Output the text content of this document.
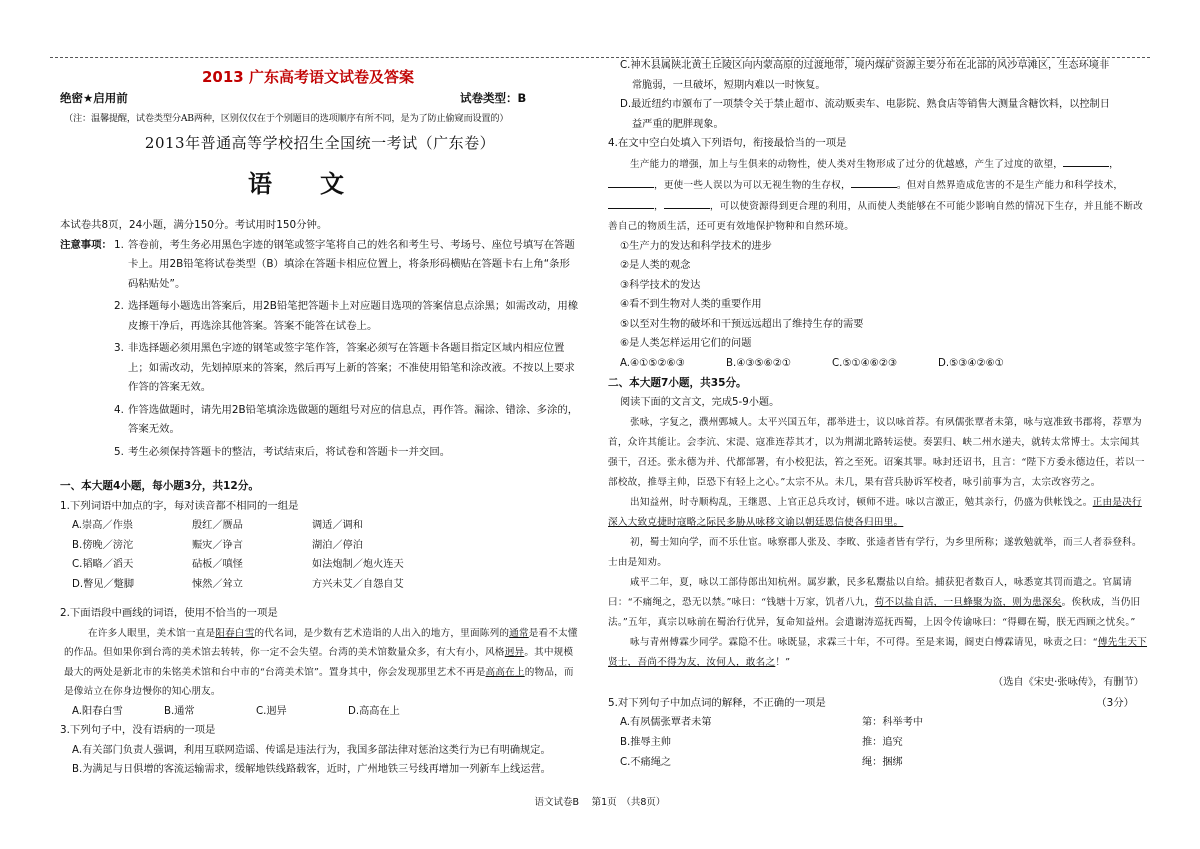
2013 广东高考语文试卷及答案
绝密★启用前	试卷类型：B
（注：温馨提醒，试卷类型分AB两种，区别仅仅在于个别题目的选项顺序有所不同，是为了防止偷窥而设置的）
2013年普通高等学校招生全国统一考试（广东卷）
语文

本试卷共8页，24小题，满分150分。考试用时150分钟。

注意事项： 1. 答卷前，考生务必用黑色字迹的钢笔或签字笔将自己的姓名和考生号、考场号、座位号填写在答题卡上。用2B铅笔将试卷类型（B）填涂在答题卡相应位置上，将条形码横贴在答题卡右上角“条形码粘贴处”。
2. 选择题每小题选出答案后，用2B铅笔把答题卡上对应题目选项的答案信息点涂黑；如需改动，用橡皮擦干净后，再选涂其他答案。答案不能答在试卷上。
3. 非选择题必须用黑色字迹的钢笔或签字笔作答，答案必须写在答题卡各题目指定区域内相应位置上；如需改动，先划掉原来的答案，然后再写上新的答案；不准使用铅笔和涂改液。不按以上要求作答的答案无效。
4. 作答选做题时，请先用2B铅笔填涂选做题的题组号对应的信息点，再作答。漏涂、错涂、多涂的，答案无效。
5. 考生必须保持答题卡的整洁，考试结束后，将试卷和答题卡一并交回。
一、本大题4小题，每小题3分，共12分。
1.下列词语中加点的字，每对读音都不相同的一组是
A.崇高／作祟	殷红／赝品	调适／调和
B.傍晚／滂沱	赈灾／诤言	湖泊／停泊
C.韬略／滔天	砧板／嗔怪	如法炮制／炮火连天
D.瞥见／蹩脚	悚然／耸立	方兴未艾／自怨自艾
2.下面语段中画线的词语，使用不恰当的一项是
在许多人眼里，美术馆一直是阳春白雪的代名词，是少数有艺术造诣的人出入的地方，里面陈列的通常是看不太懂的作品。但如果你到台湾的美术馆去转转，你一定不会失望。台湾的美术馆数量众多，有大有小，风格迥异。其中规模最大的两处是新北市的朱铭美术馆和台中市的“台湾美术馆”。置身其中，你会发现那里艺术不再是高高在上的物品，而是像站立在你身边慢你的知心朋友。
A.阳春白雪	B.通常	C.迥异	D.高高在上
3.下列句子中，没有语病的一项是
A.有关部门负责人强调，利用互联网造谣、传谣是违法行为，我国多部法律对惩治这类行为已有明确规定。
B.为满足与日俱增的客流运输需求，缓解地铁线路载客，近时，广州地铁三号线再增加一列新车上线运营。
C.神木县属陕北黄土丘陵区向内蒙高原的过渡地带，境内煤矿资源主要分布在北部的风沙草滩区，生态环境非
常脆弱，一旦破坏，短期内难以一时恢复。
D.最近纽约市颁布了一项禁令关于禁止超市、流动贩卖车、电影院、熟食店等销售大测量含糖饮料，以控制日
益严重的肥胖现象。
4.在文中空白处填入下列语句，衔接最恰当的一项是
生产能力的增强，加上与生俱来的动物性，使人类对生物形成了过分的优越感，产生了过度的欲望，	，，更使一些人误以为可以无视生物的生存权，	。但对自然界造成危害的不是生产能力和科学技术，，	，可以使资源得到更合理的利用，从而使人类能够在不可能少影响自然的情况下生存，并且能不断改善自己的物质生活，还可更有效地保护物种和自然环境。
①生产力的发达和科学技术的进步
②是人类的观念
③科学技术的发达
④看不到生物对人类的重要作用
⑤以至对生物的破坏和干预远远超出了维持生存的需要
⑥是人类怎样运用它们的问题
A.④①⑤②⑥③	B.④③⑤⑥②①	C.⑤①④⑥②③	D.⑤③④②⑥①
二、本大题7小题，共35分。
阅读下面的文言文，完成5-9小题。
张咏，字复之，濮州鄄城人。太平兴国五年，郡举进士，议以咏首荐。有夙儒张覃者未第，咏与寇准致书郡将，荐覃为首，众许其能让。会李沆、宋湜、寇准连荐其才，以为荆湖北路转运使。奏罢归、峡二州水递夫，就转太常博士。太宗闻其强干，召还。张永德为并、代都部署，有小校犯法，笞之至死。诏案其罪。咏封还诏书，且言：“陛下方委永德边任，若以一部校故，推辱主帅，臣恐下有轻上之心。”太宗不从。未几，果有营兵胁诉军校者，咏引前事为言，太宗改容劳之。
出知益州，时寺顺构乱，王继恩、上官正总兵攻讨，顿师不进。咏以言激正，勉其亲行，仍盛为供帐饯之。正由是决行深入大致克捷时寇略之际民多胁从咏移文谕以朝廷恩信使各归田里。
初，蜀士知向学，而不乐仕宦。咏察郡人张及、李畋、张逵者皆有学行，为乡里所称；遂敦勉就举，而三人者忝登科。士由是知劝。
咸平二年，夏，咏以工部侍郎出知杭州。属岁歉，民多私鬻盐以自给。捕获犯者数百人，咏悉宽其罚而遣之。官属请曰：“不痛绳之，恐无以禁。”咏曰：“钱塘十万家，饥者八九，苟不以盐自活，一旦蜂聚为盗，则为患深矣。俟秋成，当仍旧法。”五年，真宗以咏前在蜀治行优异，复命知益州。会遣谢涛巡抚西蜀，上因令传谕咏曰：“得卿在蜀，朕无西顾之忧矣。”
咏与青州傅霖少同学。霖隐不仕。咏既显，求霖三十年，不可得。至是来谒，阍吏白傅霖请见，咏责之曰：“傅先生天下贤士，吾尚不得为友，汝何人，敢名之！”
（选自《宋史·张咏传》，有删节）
5.对下列句子中加点词的解释，不正确的一项是	（3分）
A.有夙儒张覃者未第	第：科举考中
B.推辱主帅	推：追究
C.不痛绳之	绳：捆绑
语文试卷B　 第1页　（共8页）
